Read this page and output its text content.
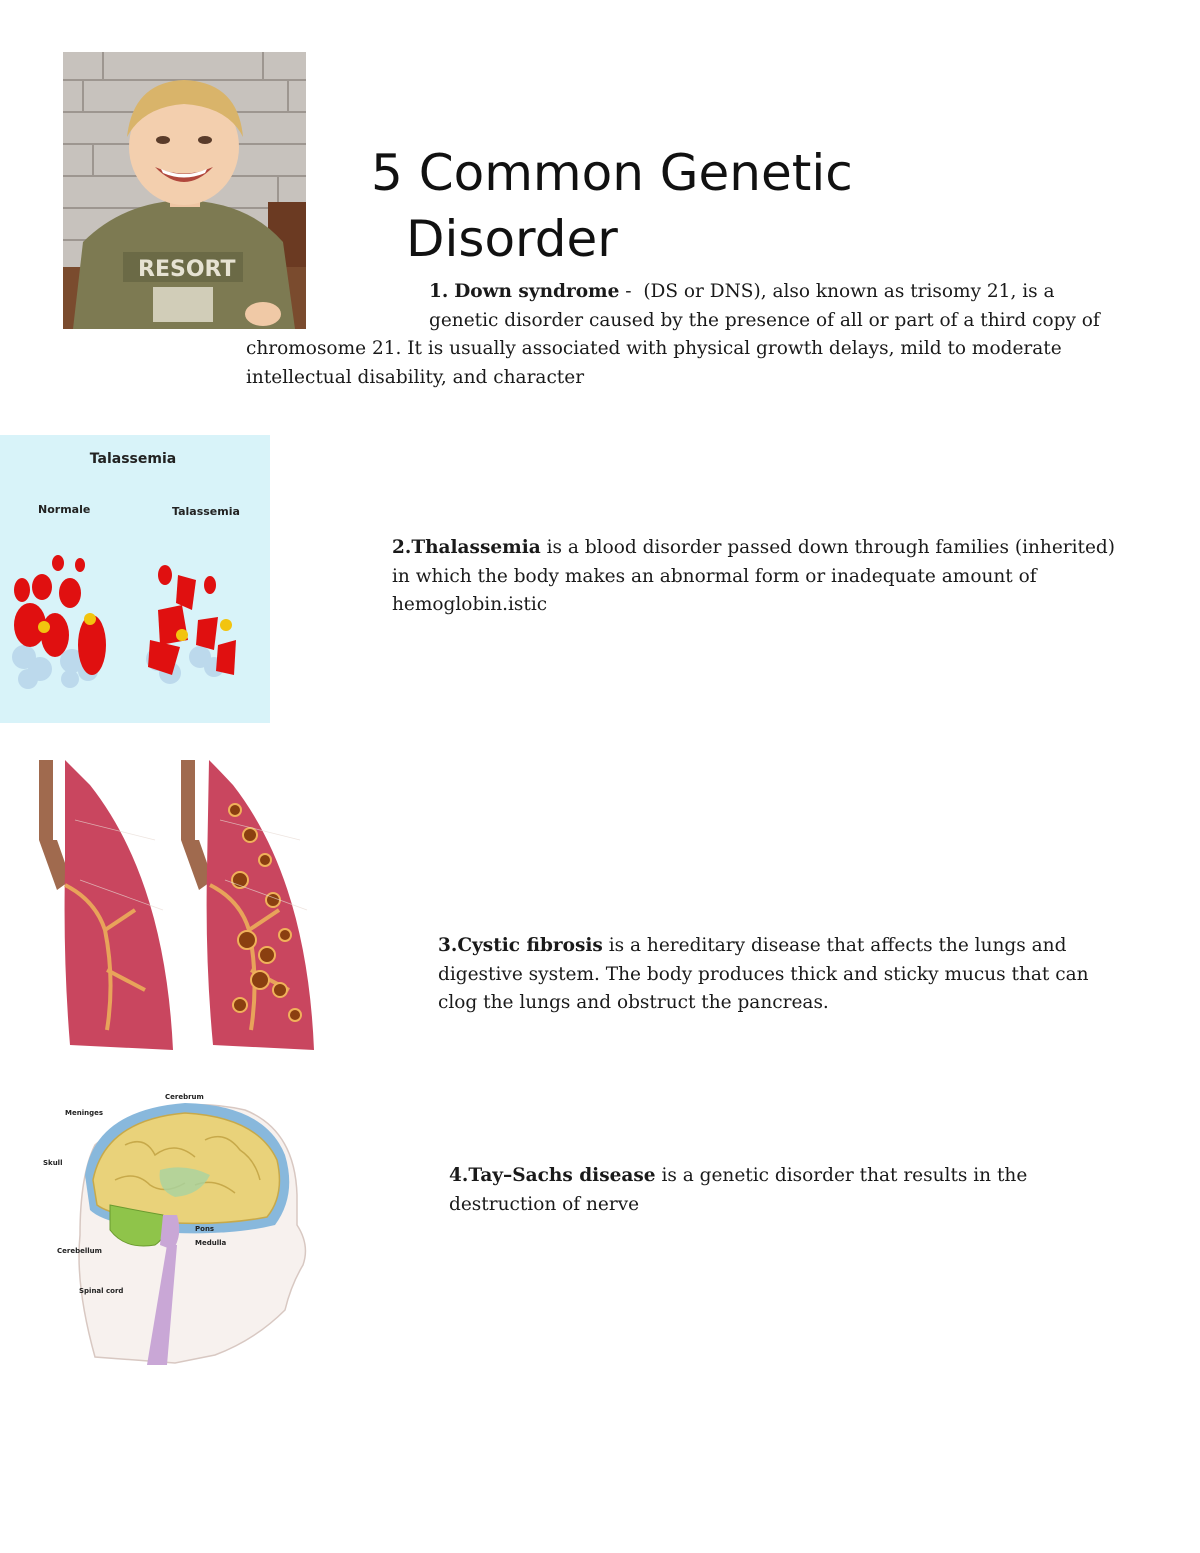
RESORT
5 Common Genetic
Disorder
1. Down syndrome -  (DS or DNS), also known as trisomy 21, is a
genetic disorder caused by the presence of all or part of a third copy of
chromosome 21. It is usually associated with physical growth delays, mild to moderate
intellectual disability, and character
Talassemia
Normale	Talassemia
2.Thalassemia is a blood disorder passed down through families (inherited)
in which the body makes an abnormal form or inadequate amount of
hemoglobin.istic
3.Cystic fibrosis is a hereditary disease that affects the lungs and
digestive system. The body produces thick and sticky mucus that can
clog the lungs and obstruct the pancreas.
Cerebrum
Meninges
Skull
Cerebellum
Spinal cord
Pons
Medulla
4.Tay–Sachs disease is a genetic disorder that results in the
destruction of nerve
